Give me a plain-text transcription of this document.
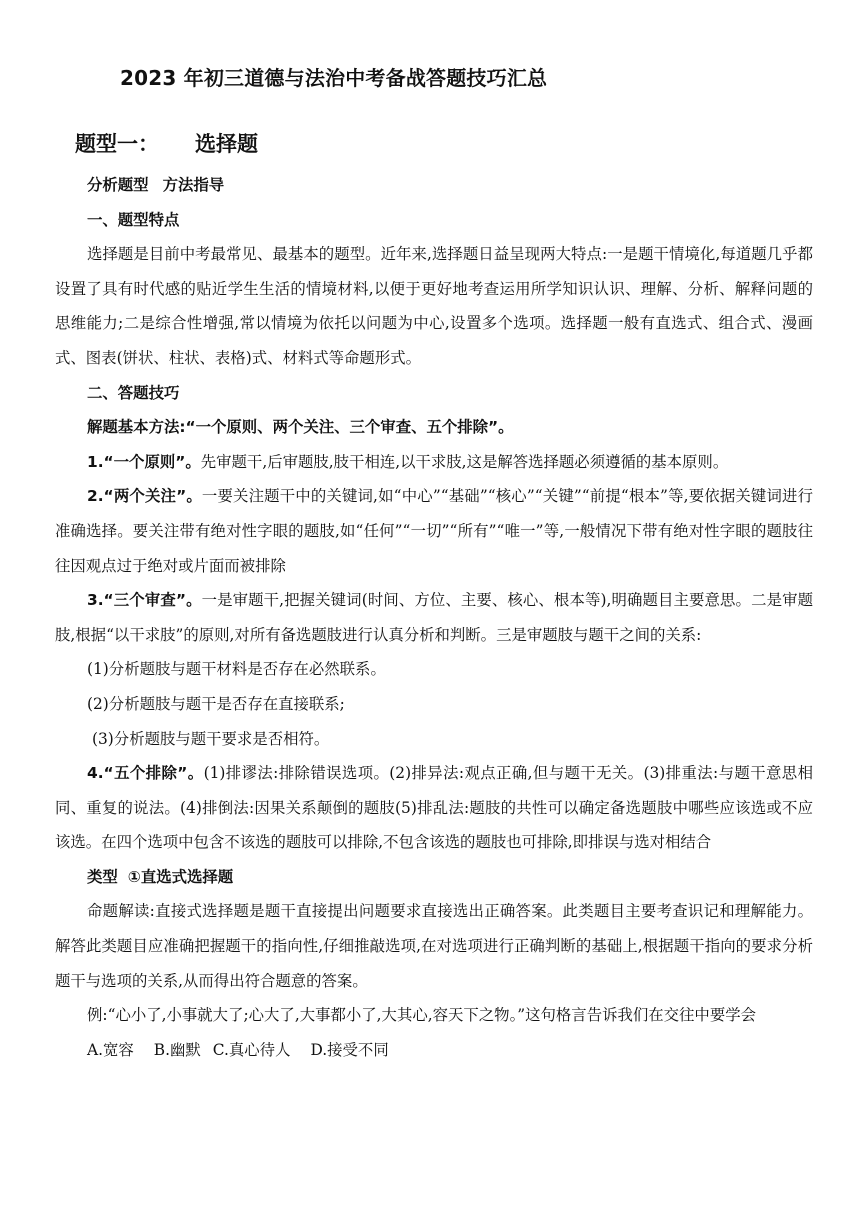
2023 年初三道德与法治中考备战答题技巧汇总
题型一： 选择题

分析题型 方法指导

一、题型特点

选择题是目前中考最常见、最基本的题型。近年来,选择题日益呈现两大特点:一是题干情境化,每道题几乎都设置了具有时代感的贴近学生生活的情境材料,以便于更好地考查运用所学知识认识、理解、分析、解释问题的思维能力;二是综合性增强,常以情境为依托以问题为中心,设置多个选项。选择题一般有直选式、组合式、漫画式、图表(饼状、柱状、表格)式、材料式等命题形式。

二、答题技巧

解题基本方法:“一个原则、两个关注、三个审查、五个排除”。

1.“一个原则”。先审题干,后审题肢,肢干相连,以干求肢,这是解答选择题必须遵循的基本原则。

2.“两个关注”。一要关注题干中的关键词,如“中心”“基础”“核心”“关键”“前提“根本”等,要依据关键词进行准确选择。要关注带有绝对性字眼的题肢,如“任何”“一切”“所有”“唯一”等,一般情况下带有绝对性字眼的题肢往往因观点过于绝对或片面而被排除

3.“三个审查”。一是审题干,把握关键词(时间、方位、主要、核心、根本等),明确题目主要意思。二是审题肢,根据“以干求肢”的原则,对所有备选题肢进行认真分析和判断。三是审题肢与题干之间的关系:

(1)分析题肢与题干材料是否存在必然联系。

(2)分析题肢与题干是否存在直接联系;

(3)分析题肢与题干要求是否相符。

4.“五个排除”。(1)排谬法:排除错误选项。(2)排异法:观点正确,但与题干无关。(3)排重法:与题干意思相同、重复的说法。(4)排倒法:因果关系颠倒的题肢(5)排乱法:题肢的共性可以确定备选题肢中哪些应该选或不应该选。在四个选项中包含不该选的题肢可以排除,不包含该选的题肢也可排除,即排误与选对相结合

类型 ①直选式选择题

命题解读:直接式选择题是题干直接提出问题要求直接选出正确答案。此类题目主要考查识记和理解能力。解答此类题目应准确把握题干的指向性,仔细推敲选项,在对选项进行正确判断的基础上,根据题干指向的要求分析题干与选项的关系,从而得出符合题意的答案。

例:“心小了,小事就大了;心大了,大事都小了,大其心,容天下之物。”这句格言告诉我们在交往中要学会

A.宽容 B.幽默 C.真心待人 D.接受不同
